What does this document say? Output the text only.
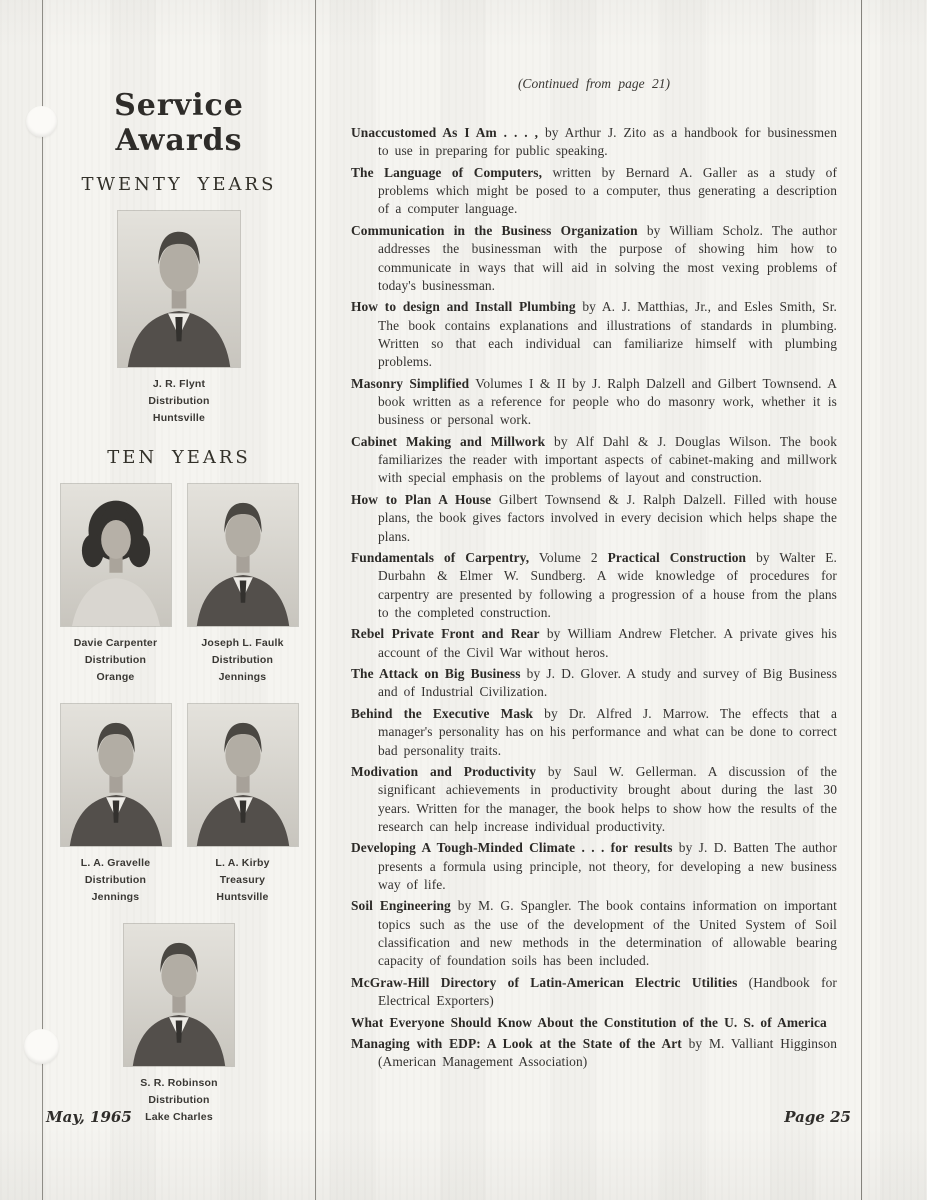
Service Awards
TWENTY YEARS
J. R. Flynt
Distribution
Huntsville
TEN YEARS
Davie Carpenter
Distribution
Orange
Joseph L. Faulk
Distribution
Jennings
L. A. Gravelle
Distribution
Jennings
L. A. Kirby
Treasury
Huntsville
S. R. Robinson
Distribution
Lake Charles

(Continued from page 21)

Unaccustomed As I Am . . . , by Arthur J. Zito as a handbook for businessmen to use in preparing for public speaking.

The Language of Computers, written by Bernard A. Galler as a study of problems which might be posed to a computer, thus generating a description of a computer language.

Communication in the Business Organization by William Scholz. The author addresses the businessman with the purpose of showing him how to communicate in ways that will aid in solving the most vexing problems of today's businessman.

How to design and Install Plumbing by A. J. Matthias, Jr., and Esles Smith, Sr. The book contains explanations and illustrations of standards in plumbing. Written so that each individual can familiarize himself with plumbing problems.

Masonry Simplified Volumes I & II by J. Ralph Dalzell and Gilbert Townsend. A book written as a reference for people who do masonry work, whether it is business or personal work.

Cabinet Making and Millwork by Alf Dahl & J. Douglas Wilson. The book familiarizes the reader with important aspects of cabinet-making and millwork with special emphasis on the problems of layout and construction.

How to Plan A House Gilbert Townsend & J. Ralph Dalzell. Filled with house plans, the book gives factors involved in every decision which helps shape the plans.

Fundamentals of Carpentry, Volume 2 Practical Construction by Walter E. Durbahn & Elmer W. Sundberg. A wide knowledge of procedures for carpentry are presented by following a progression of a house from the plans to the completed construction.

Rebel Private Front and Rear by William Andrew Fletcher. A private gives his account of the Civil War without heros.

The Attack on Big Business by J. D. Glover. A study and survey of Big Business and of Industrial Civilization.

Behind the Executive Mask by Dr. Alfred J. Marrow. The effects that a manager's personality has on his performance and what can be done to correct bad personality traits.

Modivation and Productivity by Saul W. Gellerman. A discussion of the significant achievements in productivity brought about during the last 30 years. Written for the manager, the book helps to show how the results of the research can help increase individual productivity.

Developing A Tough-Minded Climate . . . for results by J. D. Batten The author presents a formula using principle, not theory, for developing a new business way of life.

Soil Engineering by M. G. Spangler. The book contains information on important topics such as the use of the development of the United System of Soil classification and new methods in the determination of allowable bearing capacity of foundation soils has been included.

McGraw-Hill Directory of Latin-American Electric Utilities (Handbook for Electrical Exporters)

What Everyone Should Know About the Constitution of the U. S. of America

Managing with EDP: A Look at the State of the Art by M. Valliant Higginson (American Management Association)

May, 1965	Page 25
